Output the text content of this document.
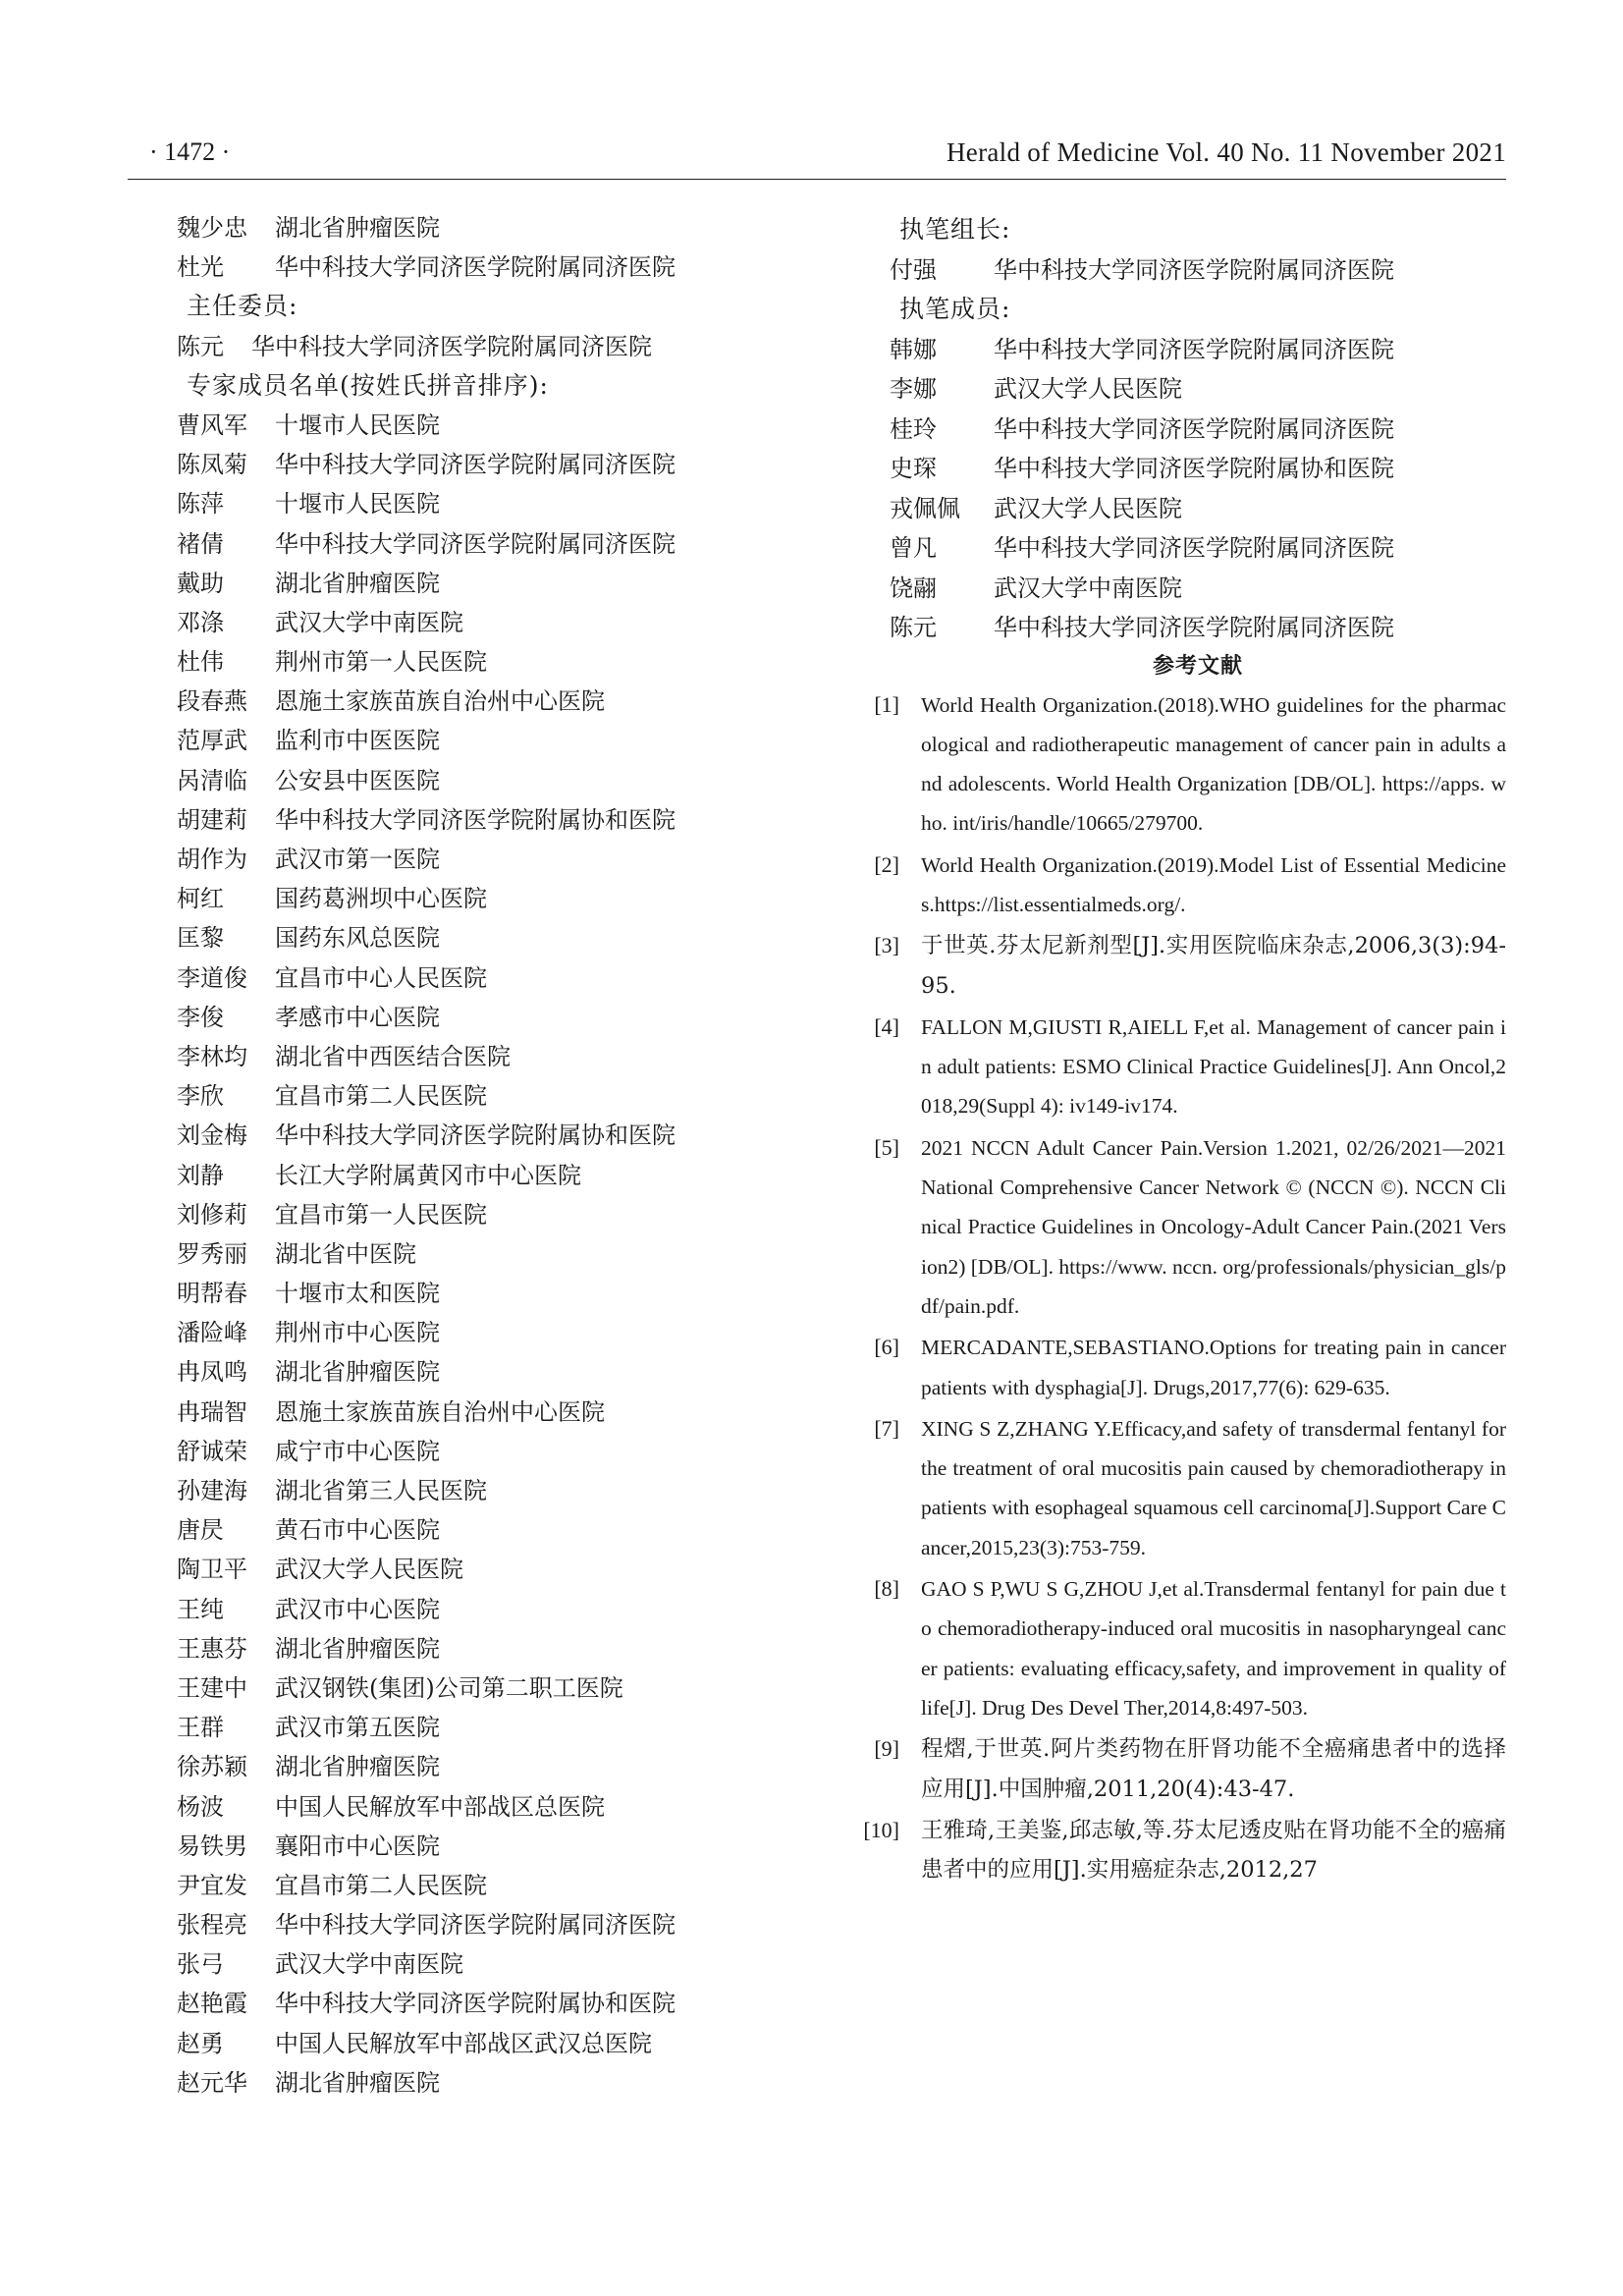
· 1472 ·	Herald of Medicine Vol. 40 No. 11 November 2021
魏少忠 湖北省肿瘤医院
杜光 华中科技大学同济医学院附属同济医院
主任委员:
陈元 华中科技大学同济医学院附属同济医院
专家成员名单(按姓氏拼音排序):
曹风军 十堰市人民医院
陈凤菊 华中科技大学同济医学院附属同济医院
陈萍 十堰市人民医院
褚倩 华中科技大学同济医学院附属同济医院
戴助 湖北省肿瘤医院
邓涤 武汉大学中南医院
杜伟 荆州市第一人民医院
段春燕 恩施土家族苗族自治州中心医院
范厚武 监利市中医医院
呙清临 公安县中医医院
胡建莉 华中科技大学同济医学院附属协和医院
胡作为 武汉市第一医院
柯红 国药葛洲坝中心医院
匡黎 国药东风总医院
李道俊 宜昌市中心人民医院
李俊 孝感市中心医院
李林均 湖北省中西医结合医院
李欣 宜昌市第二人民医院
刘金梅 华中科技大学同济医学院附属协和医院
刘静 长江大学附属黄冈市中心医院
刘修莉 宜昌市第一人民医院
罗秀丽 湖北省中医院
明帮春 十堰市太和医院
潘险峰 荆州市中心医院
冉凤鸣 湖北省肿瘤医院
冉瑞智 恩施土家族苗族自治州中心医院
舒诚荣 咸宁市中心医院
孙建海 湖北省第三人民医院
唐昃 黄石市中心医院
陶卫平 武汉大学人民医院
王纯 武汉市中心医院
王惠芬 湖北省肿瘤医院
王建中 武汉钢铁(集团)公司第二职工医院
王群 武汉市第五医院
徐苏颖 湖北省肿瘤医院
杨波 中国人民解放军中部战区总医院
易铁男 襄阳市中心医院
尹宜发 宜昌市第二人民医院
张程亮 华中科技大学同济医学院附属同济医院
张弓 武汉大学中南医院
赵艳霞 华中科技大学同济医学院附属协和医院
赵勇 中国人民解放军中部战区武汉总医院
赵元华 湖北省肿瘤医院
执笔组长:
付强 华中科技大学同济医学院附属同济医院
执笔成员:
韩娜 华中科技大学同济医学院附属同济医院
李娜 武汉大学人民医院
桂玲 华中科技大学同济医学院附属同济医院
史琛 华中科技大学同济医学院附属协和医院
戎佩佩 武汉大学人民医院
曾凡 华中科技大学同济医学院附属同济医院
饶翮 武汉大学中南医院
陈元 华中科技大学同济医学院附属同济医院
参考文献
[1] World Health Organization.(2018).WHO guidelines for the pharmacological and radiotherapeutic management of cancer pain in adults and adolescents. World Health Organization [DB/OL]. https://apps. who. int/iris/handle/10665/279700.
[2] World Health Organization.(2019).Model List of Essential Medicines.https://list.essentialmeds.org/.
[3] 于世英.芬太尼新剂型[J].实用医院临床杂志,2006,3(3):94-95.
[4] FALLON M,GIUSTI R,AIELL F,et al. Management of cancer pain in adult patients: ESMO Clinical Practice Guidelines[J]. Ann Oncol,2018,29(Suppl 4): iv149-iv174.
[5] 2021 NCCN Adult Cancer Pain.Version 1.2021, 02/26/2021—2021 National Comprehensive Cancer Network © (NCCN ©). NCCN Clinical Practice Guidelines in Oncology-Adult Cancer Pain.(2021 Version2) [DB/OL]. https://www. nccn. org/professionals/physician_gls/pdf/pain.pdf.
[6] MERCADANTE,SEBASTIANO.Options for treating pain in cancer patients with dysphagia[J]. Drugs,2017,77(6): 629-635.
[7] XING S Z,ZHANG Y.Efficacy,and safety of transdermal fentanyl for the treatment of oral mucositis pain caused by chemoradiotherapy in patients with esophageal squamous cell carcinoma[J].Support Care Cancer,2015,23(3):753-759.
[8] GAO S P,WU S G,ZHOU J,et al.Transdermal fentanyl for pain due to chemoradiotherapy-induced oral mucositis in nasopharyngeal cancer patients: evaluating efficacy,safety, and improvement in quality of life[J]. Drug Des Devel Ther,2014,8:497-503.
[9] 程熠,于世英.阿片类药物在肝肾功能不全癌痛患者中的选择应用[J].中国肿瘤,2011,20(4):43-47.
[10] 王雅琦,王美鉴,邱志敏,等.芬太尼透皮贴在肾功能不全的癌痛患者中的应用[J].实用癌症杂志,2012,27
